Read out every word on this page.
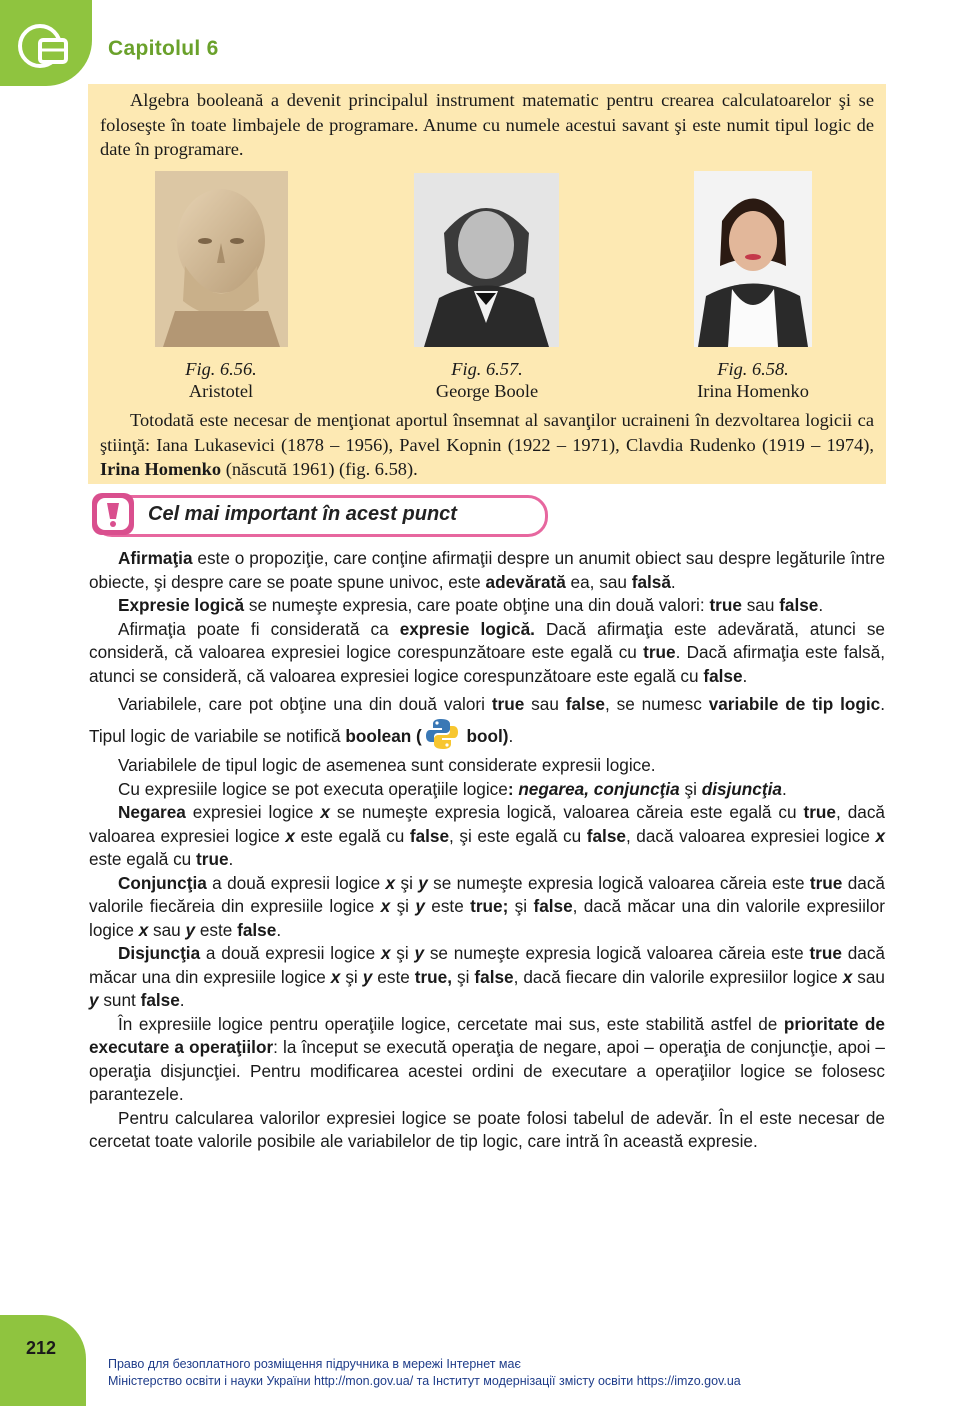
Capitolul 6
Algebra booleană a devenit principalul instrument matematic pentru crearea calculatoarelor şi se foloseşte în toate limbajele de programare. Anume cu numele acestui savant şi este numit tipul logic de date în programare.
Fig. 6.56.
Aristotel
Fig. 6.57.
George Boole
Fig. 6.58.
Irina Homenko
Totodată este necesar de menţionat aportul însemnat al savanţilor ucraineni în dezvoltarea logicii ca ştiinţă: Iana Lukasevici (1878 – 1956), Pavel Kopnin (1922 – 1971), Clavdia Rudenko (1919 – 1974), Irina Homenko (născută 1961) (fig. 6.58).
Cel mai important în acest punct

Afirmaţia este o propoziţie, care conţine afirmaţii despre un anumit obiect sau despre legăturile între obiecte, şi despre care se poate spune univoc, este adevărată ea, sau falsă.

Expresie logică se numeşte expresia, care poate obţine una din două valori: true sau false.

Afirmaţia poate fi considerată ca expresie logică. Dacă afirmaţia este adevărată, atunci se consideră, că valoarea expresiei logice corespunzătoare este egală cu true. Dacă afirmaţia este falsă, atunci se consideră, că valoarea expresiei logice corespunzătoare este egală cu false.

Variabilele, care pot obţine una din două valori true sau false, se numesc variabile de tip logic. Tipul logic de variabile se notifică boolean ( bool).

Variabilele de tipul logic de asemenea sunt considerate expresii logice.

Cu expresiile logice se pot executa operaţiile logice: negarea, conjuncţia şi disjuncţia.

Negarea expresiei logice x se numeşte expresia logică, valoarea căreia este egală cu true, dacă valoarea expresiei logice x este egală cu false, şi este egală cu false, dacă valoarea expresiei logice x este egală cu true.

Conjuncţia a două expresii logice x şi y se numeşte expresia logică valoarea căreia este true dacă valorile fiecăreia din expresiile logice x şi y este true; şi false, dacă măcar una din valorile expresiilor logice x sau y este false.

Disjuncţia a două expresii logice x şi y se numeşte expresia logică valoarea căreia este true dacă măcar una din expresiile logice x şi y este true, şi false, dacă fiecare din valorile expresiilor logice x sau y sunt false.

În expresiile logice pentru operaţiile logice, cercetate mai sus, este stabilită astfel de prioritate de executare a operaţiilor: la început se execută operaţia de negare, apoi – operaţia de conjuncţie, apoi – operaţia disjuncţiei. Pentru modificarea acestei ordini de executare a operaţiilor logice se folosesc parantezele.

Pentru calcularea valorilor expresiei logice se poate folosi tabelul de adevăr. În el este necesar de cercetat toate valorile posibile ale variabilelor de tip logic, care intră în această expresie.

212
Право для безоплатного розміщення підручника в мережі Інтернет має
Міністерство освіти і науки України http://mon.gov.ua/ та Інститут модернізації змісту освіти https://imzo.gov.ua
